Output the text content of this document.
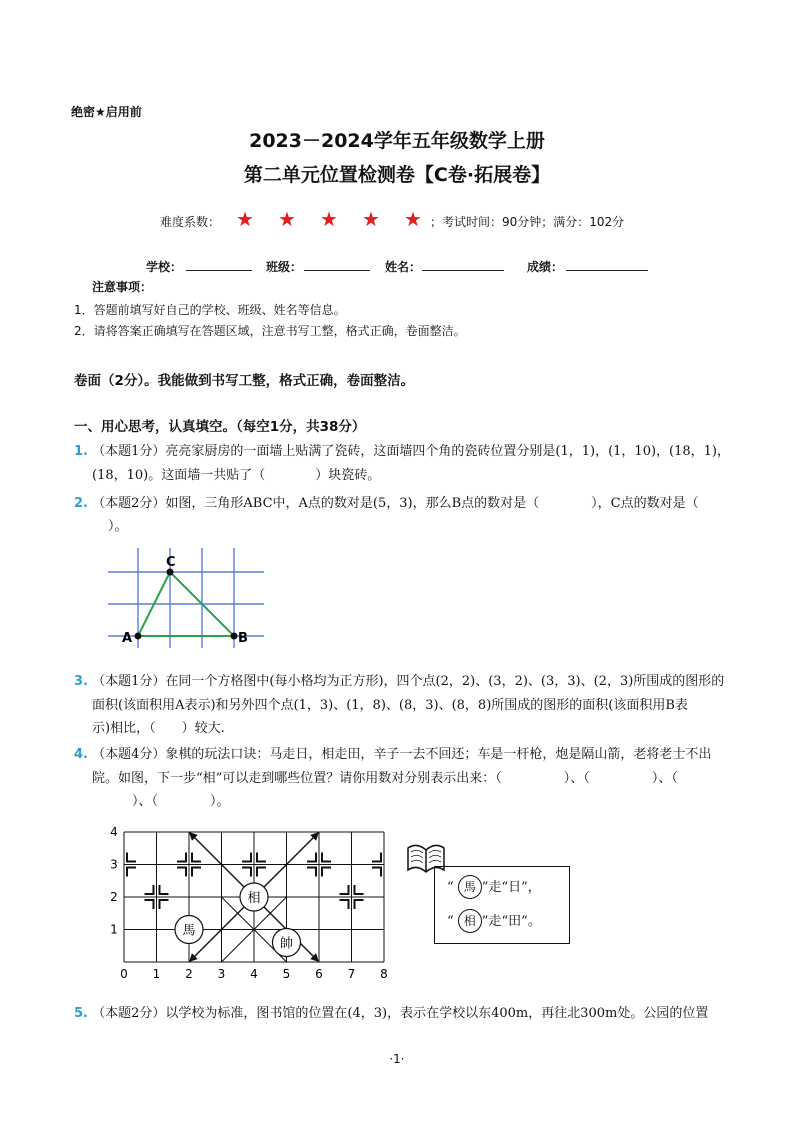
绝密★启用前
2023－2024学年五年级数学上册
第二单元位置检测卷【C卷·拓展卷】
难度系数： ★ ★ ★ ★ ★ ；考试时间：90分钟；满分：102分
学校：	班级：	姓名：	成绩：
注意事项：
1．答题前填写好自己的学校、班级、姓名等信息。
2．请将答案正确填写在答题区域，注意书写工整，格式正确，卷面整洁。
卷面（2分）。我能做到书写工整，格式正确，卷面整洁。
一、用心思考，认真填空。（每空1分，共38分）
1. （本题1分）亮亮家厨房的一面墙上贴满了瓷砖，这面墙四个角的瓷砖位置分别是(1，1)，(1，10)，(18，1)，
(18，10)。这面墙一共贴了（	）块瓷砖。
2. （本题2分）如图，三角形ABC中，A点的数对是(5，3)，那么B点的数对是（	），C点的数对是（
）。
A
C
B
3. （本题1分）在同一个方格图中(每小格均为正方形)，四个点(2，2)、(3，2)、(3，3)、(2，3)所围成的图形的
面积(该面积用A表示)和另外四个点(1，3)、(1，8)、(8，3)、(8，8)所围成的图形的面积(该面积用B表
示)相比，（ ）较大.
4. （本题4分）象棋的玩法口诀：马走日，相走田，辛子一去不回还；车是一杆枪，炮是隔山箭，老将老士不出
院。如图，下一步“相”可以走到哪些位置？请你用数对分别表示出来：（	）、（	）、（
）、（	）。
相
馬
帥
0 1 2 3 4 5 6 7 8
1
2
3
4
“ 馬 ”走“日”，
“ 相 ”走“田”。
5. （本题2分）以学校为标准，图书馆的位置在(4，3)，表示在学校以东400m，再往北300m处。公园的位置
·1·
